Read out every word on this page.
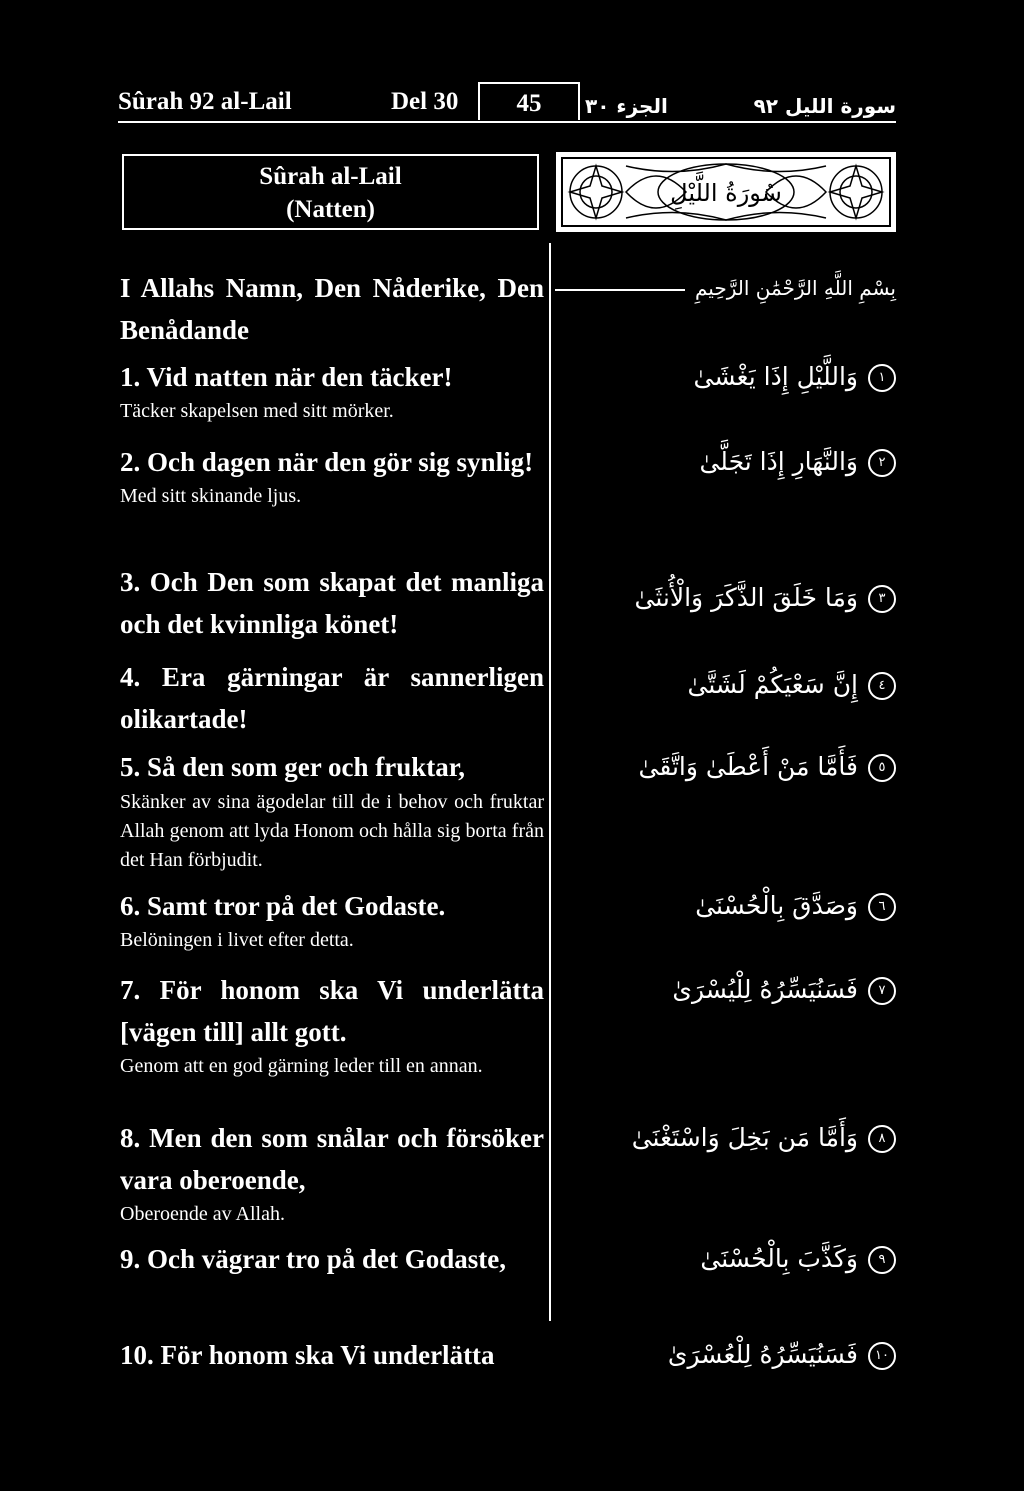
Sûrah 92 al-Lail	Del 30	45	الجزء ٣٠	سورة الليل ٩٢
Sûrah al-Lail
(Natten)
سُورَةُ اللَّيْلِ
I Allahs Namn, Den Nåderike, Den Benådande
بِسْمِ اللَّهِ الرَّحْمَٰنِ الرَّحِيمِ
1. Vid natten när den täcker!
Täcker skapelsen med sitt mörker.
١وَاللَّيْلِ إِذَا يَغْشَىٰ
2. Och dagen när den gör sig synlig!
Med sitt skinande ljus.
٢وَالنَّهَارِ إِذَا تَجَلَّىٰ
3. Och Den som skapat det manliga och det kvinnliga könet!
٣وَمَا خَلَقَ الذَّكَرَ وَالْأُنثَىٰ
4. Era gärningar är sannerligen olikartade!
٤إِنَّ سَعْيَكُمْ لَشَتَّىٰ
5. Så den som ger och fruktar,
Skänker av sina ägodelar till de i behov och fruktar Allah genom att lyda Honom och hålla sig borta från det Han förbjudit.
٥فَأَمَّا مَنْ أَعْطَىٰ وَاتَّقَىٰ
6. Samt tror på det Godaste.
Belöningen i livet efter detta.
٦وَصَدَّقَ بِالْحُسْنَىٰ
7. För honom ska Vi underlätta [vägen till] allt gott.
Genom att en god gärning leder till en annan.
٧فَسَنُيَسِّرُهُ لِلْيُسْرَىٰ
8. Men den som snålar och försöker vara oberoende,
Oberoende av Allah.
٨وَأَمَّا مَن بَخِلَ وَاسْتَغْنَىٰ
9. Och vägrar tro på det Godaste,	٩وَكَذَّبَ بِالْحُسْنَىٰ
10. För honom ska Vi underlätta	١٠فَسَنُيَسِّرُهُ لِلْعُسْرَىٰ
